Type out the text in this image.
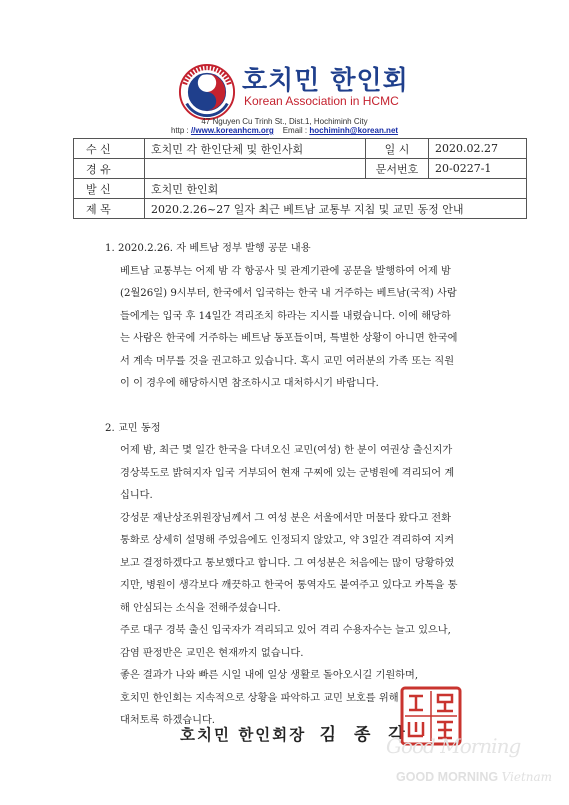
호치민 한인회
Korean Association in HCMC
47 Nguyen Cu Trinh St., Dist.1, Hochiminh City
http : //www.koreanhcm.org Email : hochiminh@korean.net
수 신	호치민 각 한인단체 및 한인사회	일 시	2020.02.27
경 유		문서번호	20-0227-1
발 신	호치민 한인회		
제 목	2020.2.26~27 일자 최근 베트남 교통부 지침 및 교민 동정 안내		
1. 2020.2.26. 자 베트남 정부 발행 공문 내용
베트남 교통부는 어제 밤 각 항공사 및 관계기관에 공문을 발행하여 어제 밤
(2월26일) 9시부터, 한국에서 입국하는 한국 내 거주하는 베트남(국적) 사람
들에게는 입국 후 14일간 격리조치 하라는 지시를 내렸습니다. 이에 해당하
는 사람은 한국에 거주하는 베트남 동포들이며, 특별한 상황이 아니면 한국에
서 계속 머무를 것을 권고하고 있습니다. 혹시 교민 여러분의 가족 또는 직원
이 이 경우에 해당하시면 참조하시고 대처하시기 바랍니다.
2. 교민 동정
어제 밤, 최근 몇 일간 한국을 다녀오신 교민(여성) 한 분이 여권상 출신지가
경상북도로 밝혀지자 입국 거부되어 현재 구찌에 있는 군병원에 격리되어 계
십니다.
강성문 재난상조위원장님께서 그 여성 분은 서울에서만 머물다 왔다고 전화
통화로 상세히 설명해 주었음에도 인정되지 않았고, 약 3일간 격리하여 지켜
보고 결정하겠다고 통보했다고 합니다. 그 여성분은 처음에는 많이 당황하였
지만, 병원이 생각보다 깨끗하고 한국어 통역자도 붙여주고 있다고 카톡을 통
해 안심되는 소식을 전해주셨습니다.
주로 대구 경북 출신 입국자가 격리되고 있어 격리 수용자수는 늘고 있으나,
감염 판정반은 교민은 현재까지 없습니다.
좋은 결과가 나와 빠른 시일 내에 일상 생활로 돌아오시길 기원하며,
호치민 한인회는 지속적으로 상황을 파악하고 교민 보호를 위해
대처토록 하겠습니다.
호치민 한인회장 김 종 각
Good Morning
GOOD MORNING Vietnam
